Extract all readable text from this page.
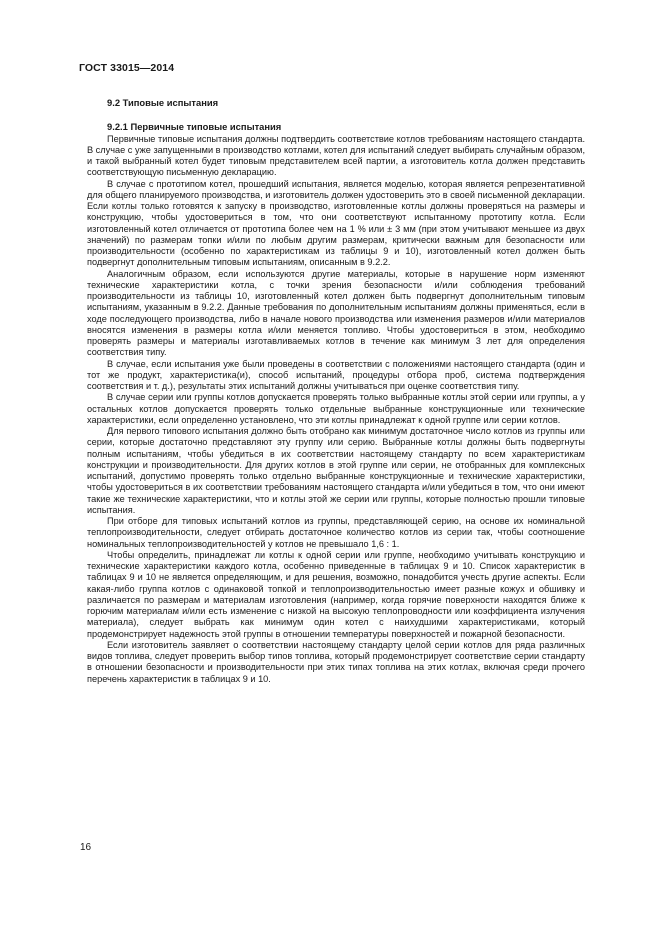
ГОСТ 33015—2014
9.2 Типовые испытания
9.2.1 Первичные типовые испытания

Первичные типовые испытания должны подтвердить соответствие котлов требованиям настоящего стандарта. В случае с уже запущенными в производство котлами, котел для испытаний следует выбирать случайным образом, и такой выбранный котел будет типовым представителем всей партии, а изготовитель котла должен представить соответствующую письменную декларацию.

В случае с прототипом котел, прошедший испытания, является моделью, которая является репрезентативной для общего планируемого производства, и изготовитель должен удостоверить это в своей письменной декларации. Если котлы только готовятся к запуску в производство, изготовленные котлы должны проверяться на размеры и конструкцию, чтобы удостовериться в том, что они соответствуют испытанному прототипу котла. Если изготовленный котел отличается от прототипа более чем на 1 % или ± 3 мм (при этом учитывают меньшее из двух значений) по размерам топки и/или по любым другим размерам, критически важным для безопасности или производительности (особенно по характеристикам из таблицы 9 и 10), изготовленный котел должен быть подвергнут дополнительным типовым испытаниям, описанным в 9.2.2.

Аналогичным образом, если используются другие материалы, которые в нарушение норм изменяют технические характеристики котла, с точки зрения безопасности и/или соблюдения требований производительности из таблицы 10, изготовленный котел должен быть подвергнут дополнительным типовым испытаниям, указанным в 9.2.2. Данные требования по дополнительным испытаниям должны применяться, если в ходе последующего производства, либо в начале нового производства или изменения размеров и/или материалов вносятся изменения в размеры котла и/или меняется топливо. Чтобы удостовериться в этом, необходимо проверять размеры и материалы изготавливаемых котлов в течение как минимум 3 лет для определения соответствия типу.

В случае, если испытания уже были проведены в соответствии с положениями настоящего стандарта (один и тот же продукт, характеристика(и), способ испытаний, процедуры отбора проб, система подтверждения соответствия и т. д.), результаты этих испытаний должны учитываться при оценке соответствия типу.

В случае серии или группы котлов допускается проверять только выбранные котлы этой серии или группы, а у остальных котлов допускается проверять только отдельные выбранные конструкционные или технические характеристики, если определенно установлено, что эти котлы принадлежат к одной группе или серии котлов.

Для первого типового испытания должно быть отобрано как минимум достаточное число котлов из группы или серии, которые достаточно представляют эту группу или серию. Выбранные котлы должны быть подвергнуты полным испытаниям, чтобы убедиться в их соответствии настоящему стандарту по всем характеристикам конструкции и производительности. Для других котлов в этой группе или серии, не отобранных для комплексных испытаний, допустимо проверять только отдельно выбранные конструкционные и технические характеристики, чтобы удостовериться в их соответствии требованиям настоящего стандарта и/или убедиться в том, что они имеют такие же технические характеристики, что и котлы этой же серии или группы, которые полностью прошли типовые испытания.

При отборе для типовых испытаний котлов из группы, представляющей серию, на основе их номинальной теплопроизводительности, следует отбирать достаточное количество котлов из серии так, чтобы соотношение номинальных теплопроизводительностей у котлов не превышало 1,6 : 1.

Чтобы определить, принадлежат ли котлы к одной серии или группе, необходимо учитывать конструкцию и технические характеристики каждого котла, особенно приведенные в таблицах 9 и 10. Список характеристик в таблицах 9 и 10 не является определяющим, и для решения, возможно, понадобится учесть другие аспекты. Если какая-либо группа котлов с одинаковой топкой и теплопроизводительностью имеет разные кожух и обшивку и различается по размерам и материалам изготовления (например, когда горячие поверхности находятся ближе к горючим материалам и/или есть изменение с низкой на высокую теплопроводности или коэффициента излучения материала), следует выбрать как минимум один котел с наихудшими характеристиками, который продемонстрирует надежность этой группы в отношении температуры поверхностей и пожарной безопасности.

Если изготовитель заявляет о соответствии настоящему стандарту целой серии котлов для ряда различных видов топлива, следует проверить выбор типов топлива, который продемонстрирует соответствие серии стандарту в отношении безопасности и производительности при этих типах топлива на этих котлах, включая среди прочего перечень характеристик в таблицах 9 и 10.

16
